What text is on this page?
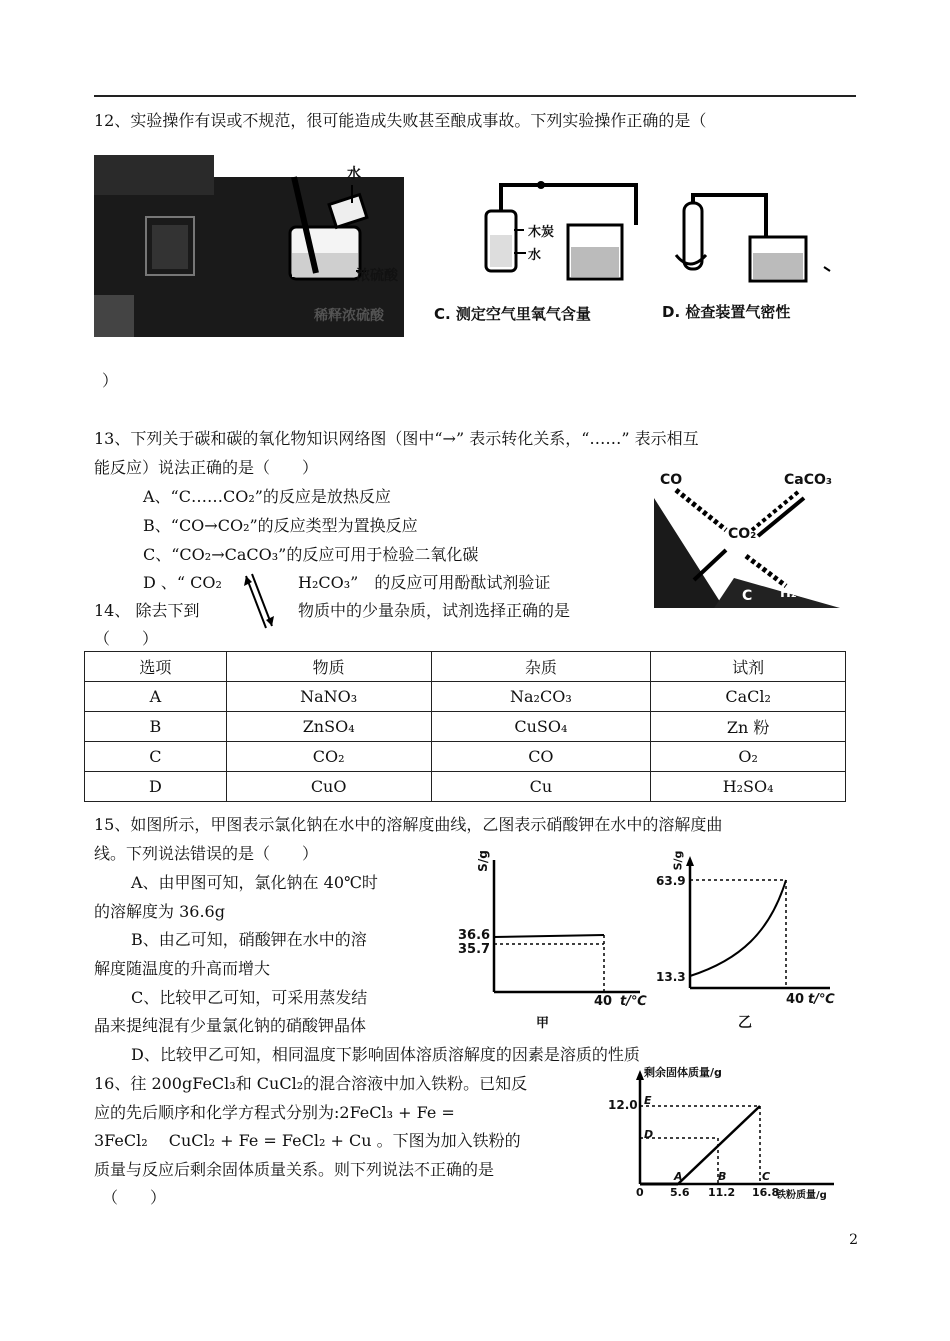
12、实验操作有误或不规范，很可能造成失败甚至酿成事故。下列实验操作正确的是（
水
浓硫酸
稀释浓硫酸
木炭
水
C. 测定空气里氧气含量	D. 检查装置气密性
）
13、下列关于碳和碳的氧化物知识网络图（图中“→” 表示转化关系，“……” 表示相互
能反应）说法正确的是（　　）
A、“C……CO₂”的反应是放热反应
B、“CO→CO₂”的反应类型为置换反应
C、“CO₂→CaCO₃”的反应可用于检验二氧化碳
D 、“ CO₂	H₂CO₃”　的反应可用酚酞试剂验证
CO	CaCO₃
CO₂
C H₂CO₃
14、 除去下到	物质中的少量杂质，试剂选择正确的是
（　　）
选项	物质	杂质	试剂
A	NaNO₃	Na₂CO₃	CaCl₂
B	ZnSO₄	CuSO₄	Zn 粉
C	CO₂	CO	O₂
D	CuO	Cu	H₂SO₄
15、如图所示，甲图表示氯化钠在水中的溶解度曲线，乙图表示硝酸钾在水中的溶解度曲
线。下列说法错误的是（　　）
A、由甲图可知，氯化钠在 40℃时
的溶解度为 36.6g
B、由乙可知，硝酸钾在水中的溶
解度随温度的升高而增大
C、比较甲乙可知，可采用蒸发结
晶来提纯混有少量氯化钠的硝酸钾晶体
D、比较甲乙可知，相同温度下影响固体溶质溶解度的因素是溶质的性质
S/g
36.6
35.7
40 t/℃
甲
S/g
63.9
13.3
40 t/℃
乙
16、往 200gFeCl₃和 CuCl₂的混合溶液中加入铁粉。已知反
应的先后顺序和化学方程式分别为:2FeCl₃ + Fe =
3FeCl₂　 CuCl₂ + Fe = FeCl₂ + Cu 。下图为加入铁粉的
质量与反应后剩余固体质量关系。则下列说法不正确的是
（　　）
剩余固体质量/g
12.0 E
D
A	B	C
0 5.6 11.2 16.8
铁粉质量/g
2
